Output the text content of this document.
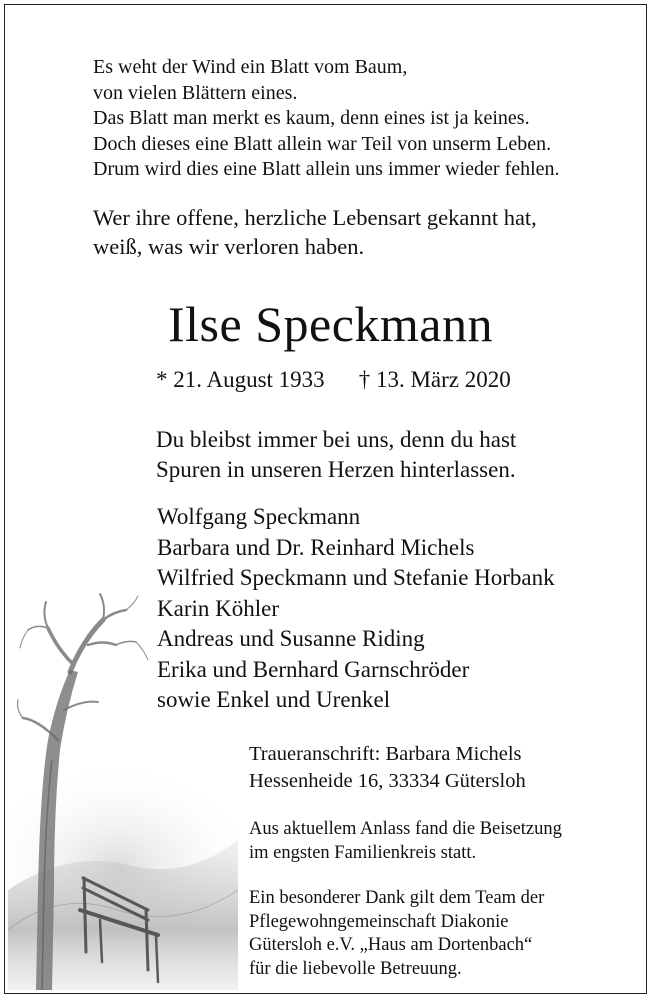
Es weht der Wind ein Blatt vom Baum,
von vielen Blättern eines.
Das Blatt man merkt es kaum, denn eines ist ja keines.
Doch dieses eine Blatt allein war Teil von unserm Leben.
Drum wird dies eine Blatt allein uns immer wieder fehlen.
Wer ihre offene, herzliche Lebensart gekannt hat,
weiß, was wir verloren haben.
Ilse Speckmann
* 21. August 1933 † 13. März 2020
Du bleibst immer bei uns, denn du hast
Spuren in unseren Herzen hinterlassen.
Wolfgang Speckmann
Barbara und Dr. Reinhard Michels
Wilfried Speckmann und Stefanie Horbank
Karin Köhler
Andreas und Susanne Riding
Erika und Bernhard Garnschröder
sowie Enkel und Urenkel
Traueranschrift: Barbara Michels
Hessenheide 16, 33334 Gütersloh
Aus aktuellem Anlass fand die Beisetzung
im engsten Familienkreis statt.
Ein besonderer Dank gilt dem Team der
Pflegewohngemeinschaft Diakonie
Gütersloh e.V. „Haus am Dortenbach“
für die liebevolle Betreuung.
